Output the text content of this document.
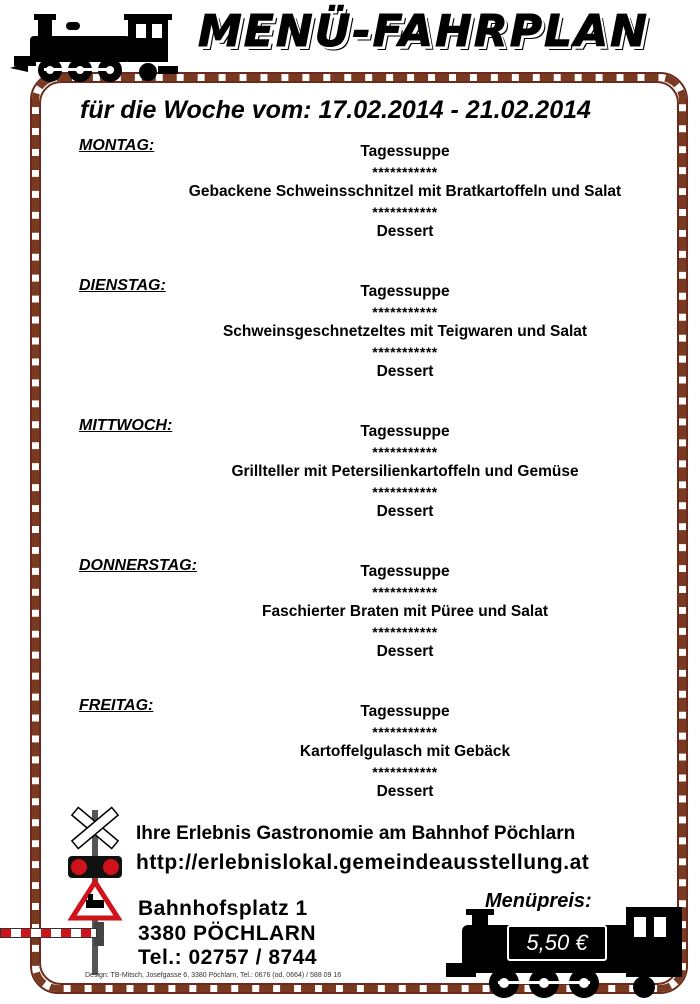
MENÜ-FAHRPLAN
für die Woche vom: 17.02.2014 - 21.02.2014
MONTAG:	Tagessuppe
***********
Gebackene Schweinsschnitzel mit Bratkartoffeln und Salat
***********
Dessert
DIENSTAG:	Tagessuppe
***********
Schweinsgeschnetzeltes mit Teigwaren und Salat
***********
Dessert
MITTWOCH:	Tagessuppe
***********
Grillteller mit Petersilienkartoffeln und Gemüse
***********
Dessert
DONNERSTAG:	Tagessuppe
***********
Faschierter Braten mit Püree und Salat
***********
Dessert
FREITAG:	Tagessuppe
***********
Kartoffelgulasch mit Gebäck
***********
Dessert
Ihre Erlebnis Gastronomie am Bahnhof Pöchlarn
http://erlebnislokal.gemeindeausstellung.at
Bahnhofsplatz 1
3380 PÖCHLARN
Tel.: 02757 / 8744
Menüpreis:
5,50 €
Design: TB-Mitsch, Josefgasse 6, 3380 Pöchlarn, Tel.: 0676 (od. 0664) / 588 09 16
